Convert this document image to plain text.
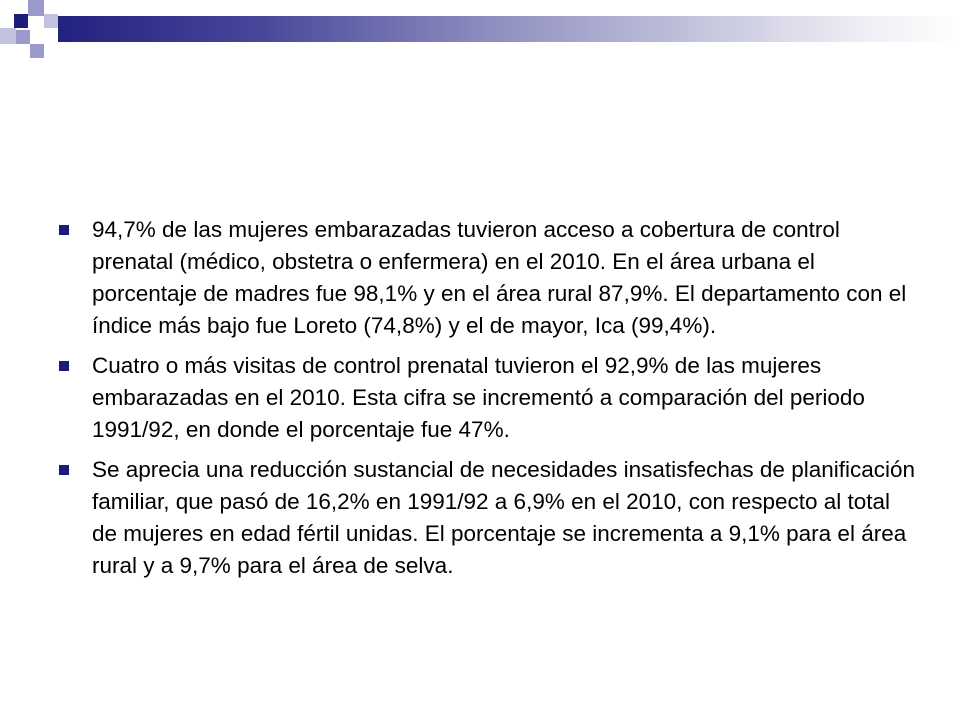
94,7% de las mujeres embarazadas tuvieron acceso a cobertura de control prenatal (médico, obstetra o enfermera) en el 2010. En el área urbana el porcentaje de madres fue 98,1% y en el área rural 87,9%. El departamento con el índice más bajo fue Loreto (74,8%) y el de mayor, Ica (99,4%).
Cuatro o más visitas de control prenatal tuvieron el 92,9% de las mujeres embarazadas en el 2010. Esta cifra se incrementó a comparación del periodo 1991/92, en donde el porcentaje fue 47%.
Se aprecia una reducción sustancial de necesidades insatisfechas de planificación familiar, que pasó de 16,2% en 1991/92 a 6,9% en el 2010, con respecto al total de mujeres en edad fértil unidas. El porcentaje se incrementa a 9,1% para el área rural y a 9,7% para el área de selva.
